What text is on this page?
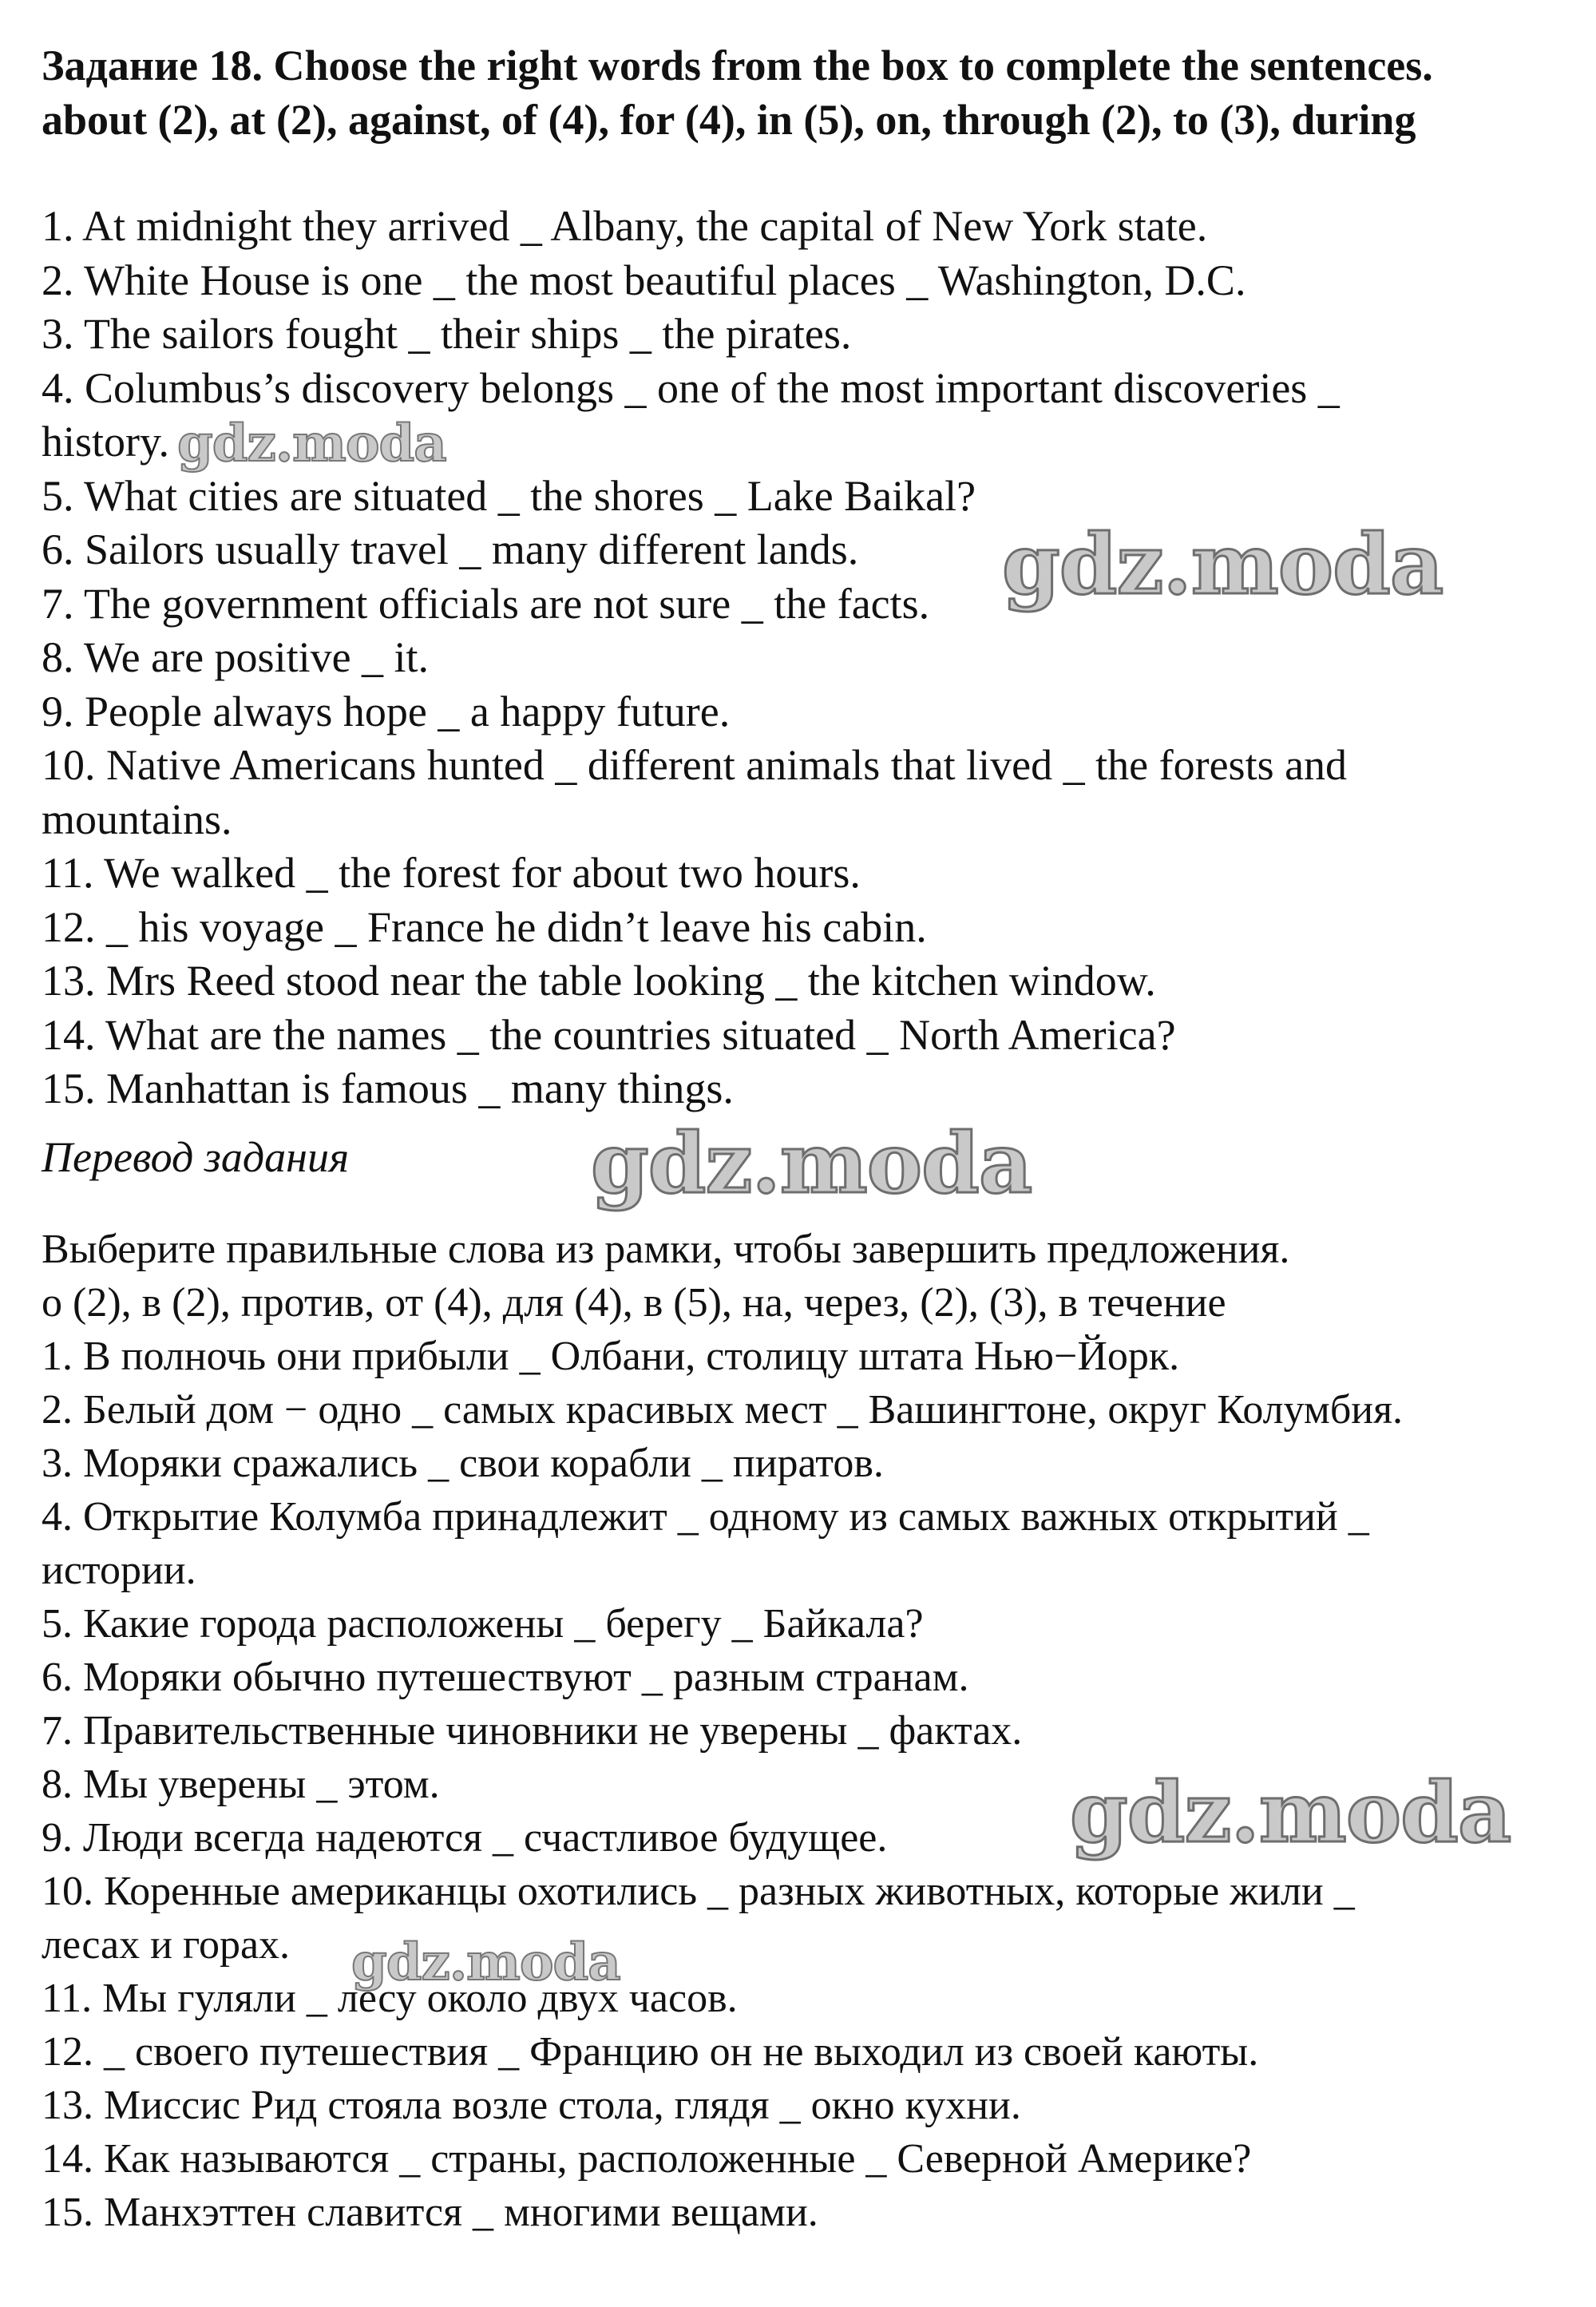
Задание 18. Choose the right words from the box to complete the sentences.

about (2), at (2), against, of (4), for (4), in (5), on, through (2), to (3), during

1. At midnight they arrived _ Albany, the capital of New York state.

2. White House is one _ the most beautiful places _ Washington, D.C.

3. The sailors fought _ their ships _ the pirates.

4. Columbus’s discovery belongs _ one of the most important discoveries _

history.

5. What cities are situated _ the shores _ Lake Baikal?

6. Sailors usually travel _ many different lands.

7. The government officials are not sure _ the facts.

8. We are positive _ it.

9. People always hope _ a happy future.

10. Native Americans hunted _ different animals that lived _ the forests and

mountains.

11. We walked _ the forest for about two hours.

12. _ his voyage _ France he didn’t leave his cabin.

13. Mrs Reed stood near the table looking _ the kitchen window.

14. What are the names _ the countries situated _ North America?

15. Manhattan is famous _ many things.

Перевод задания

Выберите правильные слова из рамки, чтобы завершить предложения.

о (2), в (2), против, от (4), для (4), в (5), на, через, (2), (3), в течение

1. В полночь они прибыли _ Олбани, столицу штата Нью−Йорк.

2. Белый дом − одно _ самых красивых мест _ Вашингтоне, округ Колумбия.

3. Моряки сражались _ свои корабли _ пиратов.

4. Открытие Колумба принадлежит _ одному из самых важных открытий _

истории.

5. Какие города расположены _ берегу _ Байкала?

6. Моряки обычно путешествуют _ разным странам.

7. Правительственные чиновники не уверены _ фактах.

8. Мы уверены _ этом.

9. Люди всегда надеются _ счастливое будущее.

10. Коренные американцы охотились _ разных животных, которые жили _

лесах и горах.

11. Мы гуляли _ лесу около двух часов.

12. _ своего путешествия _ Францию он не выходил из своей каюты.

13. Миссис Рид стояла возле стола, глядя _ окно кухни.

14. Как называются _ страны, расположенные _ Северной Америке?

15. Манхэттен славится _ многими вещами.

gdz.moda
gdz.moda
gdz.moda
gdz.moda
gdz.moda
